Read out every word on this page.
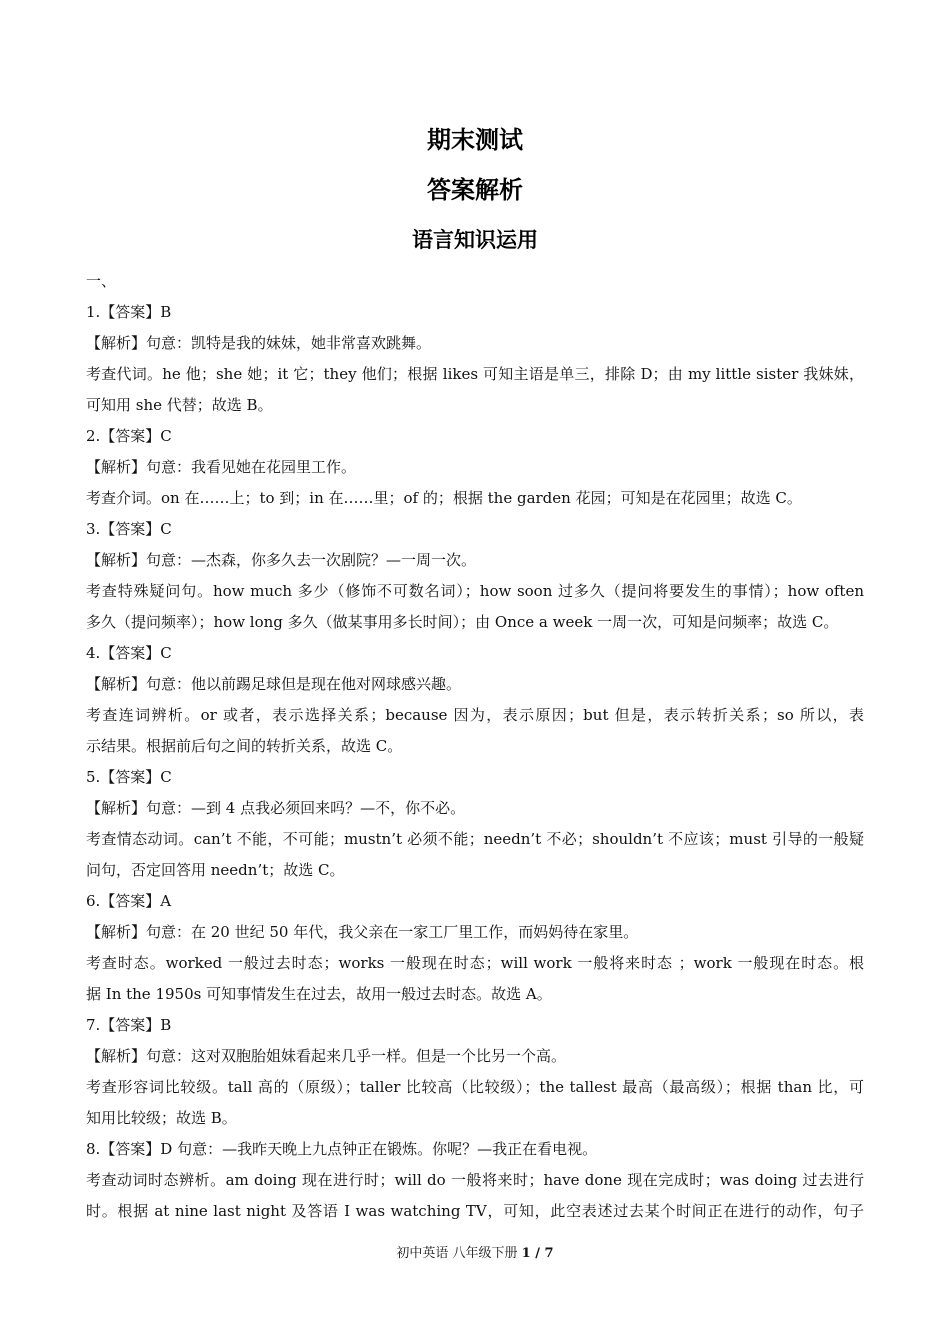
期末测试
答案解析
语言知识运用
一、
1.【答案】B
【解析】句意：凯特是我的妹妹，她非常喜欢跳舞。
考查代词。he 他；she 她；it 它；they 他们；根据 likes 可知主语是单三，排除 D；由 my little sister 我妹妹，
可知用 she 代替；故选 B。
2.【答案】C
【解析】句意：我看见她在花园里工作。
考查介词。on 在……上；to 到；in 在……里；of 的；根据 the garden 花园；可知是在花园里；故选 C。
3.【答案】C
【解析】句意：—杰森，你多久去一次剧院？—一周一次。
考查特殊疑问句。how much 多少（修饰不可数名词）；how soon 过多久（提问将要发生的事情）；how often
多久（提问频率）；how long 多久（做某事用多长时间）；由 Once a week 一周一次，可知是问频率；故选 C。
4.【答案】C
【解析】句意：他以前踢足球但是现在他对网球感兴趣。
考查连词辨析。or 或者，表示选择关系；because 因为，表示原因；but 但是，表示转折关系；so 所以，表
示结果。根据前后句之间的转折关系，故选 C。
5.【答案】C
【解析】句意：—到 4 点我必须回来吗？—不，你不必。
考查情态动词。can’t 不能，不可能；mustn’t 必须不能；needn’t 不必；shouldn’t 不应该；must 引导的一般疑
问句，否定回答用 needn’t；故选 C。
6.【答案】A
【解析】句意：在 20 世纪 50 年代，我父亲在一家工厂里工作，而妈妈待在家里。
考查时态。worked 一般过去时态；works 一般现在时态；will work 一般将来时态 ；work 一般现在时态。根
据 In the 1950s 可知事情发生在过去，故用一般过去时态。故选 A。
7.【答案】B
【解析】句意：这对双胞胎姐妹看起来几乎一样。但是一个比另一个高。
考查形容词比较级。tall 高的（原级）；taller 比较高（比较级）；the tallest 最高（最高级）；根据 than 比，可
知用比较级；故选 B。
8.【答案】D 句意：—我昨天晚上九点钟正在锻炼。你呢？—我正在看电视。
考查动词时态辨析。am doing 现在进行时；will do 一般将来时；have done 现在完成时；was doing 过去进行
时。根据 at nine last night 及答语 I was watching TV，可知，此空表述过去某个时间正在进行的动作，句子
初中英语 八年级下册 1 / 7
